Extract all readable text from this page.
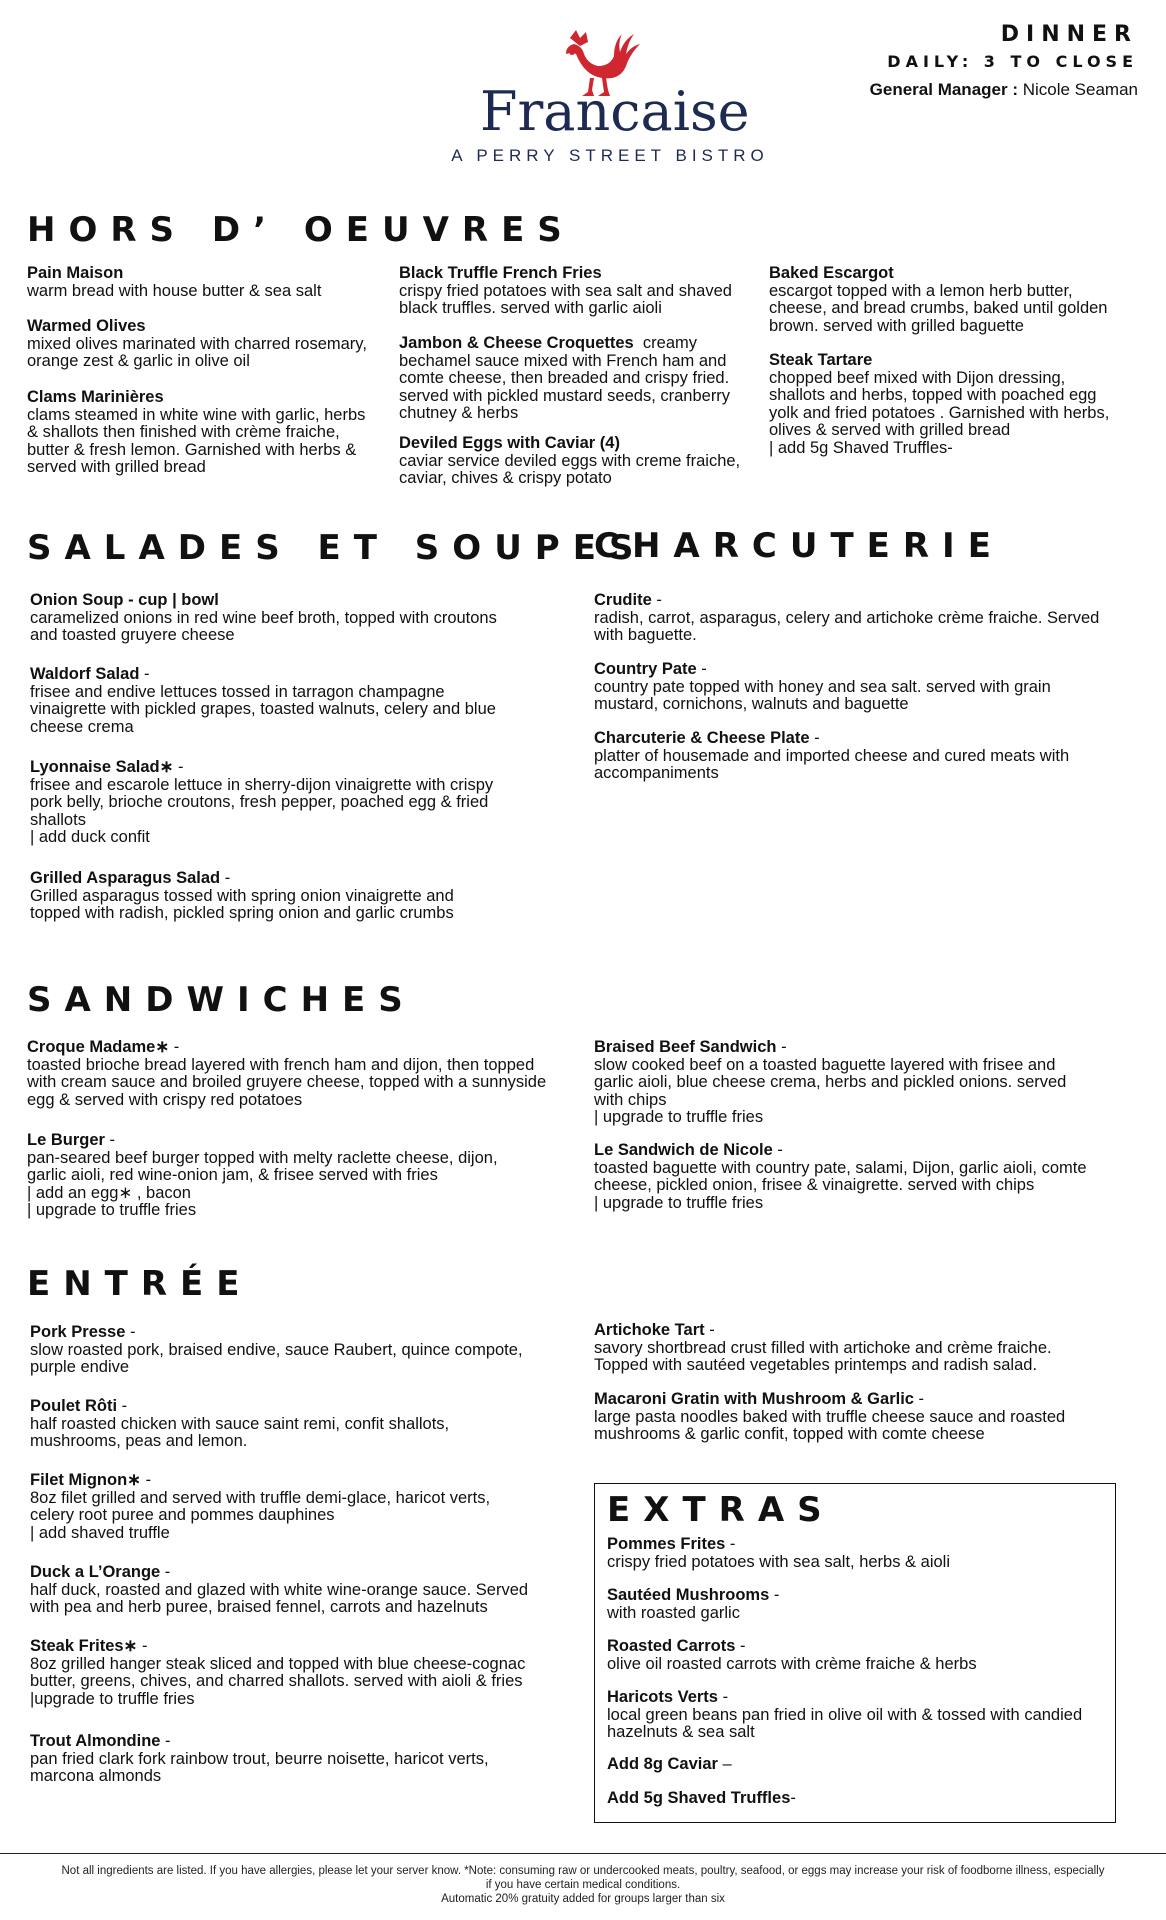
Francaise
A PERRY STREET BISTRO
DINNER
DAILY: 3 TO CLOSE
General Manager : Nicole Seaman
HORS D’ OEUVRES
Pain Maison
warm bread with house butter & sea salt
Warmed Olives
mixed olives marinated with charred rosemary, orange zest & garlic in olive oil
Clams Marinières
clams steamed in white wine with garlic, herbs & shallots then finished with crème fraiche, butter & fresh lemon. Garnished with herbs & served with grilled bread
Black Truffle French Fries
crispy fried potatoes with sea salt and shaved black truffles. served with garlic aioli
Jambon & Cheese Croquettes creamy bechamel sauce mixed with French ham and comte cheese, then breaded and crispy fried. served with pickled mustard seeds, cranberry chutney & herbs
Deviled Eggs with Caviar (4)
caviar service deviled eggs with creme fraiche, caviar, chives & crispy potato
Baked Escargot
escargot topped with a lemon herb butter, cheese, and bread crumbs, baked until golden brown. served with grilled baguette
Steak Tartare
chopped beef mixed with Dijon dressing, shallots and herbs, topped with poached egg yolk and fried potatoes . Garnished with herbs, olives & served with grilled bread
| add 5g Shaved Truffles-
SALADES ET SOUPES
Onion Soup - cup | bowl
caramelized onions in red wine beef broth, topped with croutons and toasted gruyere cheese
Waldorf Salad -
frisee and endive lettuces tossed in tarragon champagne vinaigrette with pickled grapes, toasted walnuts, celery and blue cheese crema
Lyonnaise Salad∗ -
frisee and escarole lettuce in sherry-dijon vinaigrette with crispy pork belly, brioche croutons, fresh pepper, poached egg & fried shallots
| add duck confit
Grilled Asparagus Salad -
Grilled asparagus tossed with spring onion vinaigrette and topped with radish, pickled spring onion and garlic crumbs
CHARCUTERIE
Crudite -
radish, carrot, asparagus, celery and artichoke crème fraiche. Served with baguette.
Country Pate -
country pate topped with honey and sea salt. served with grain mustard, cornichons, walnuts and baguette
Charcuterie & Cheese Plate -
platter of housemade and imported cheese and cured meats with accompaniments
SANDWICHES
Croque Madame∗ -
toasted brioche bread layered with french ham and dijon, then topped with cream sauce and broiled gruyere cheese, topped with a sunnyside egg & served with crispy red potatoes
Le Burger -
pan-seared beef burger topped with melty raclette cheese, dijon, garlic aioli, red wine-onion jam, & frisee served with fries
| add an egg∗ , bacon
| upgrade to truffle fries
Braised Beef Sandwich -
slow cooked beef on a toasted baguette layered with frisee and garlic aioli, blue cheese crema, herbs and pickled onions. served with chips
| upgrade to truffle fries
Le Sandwich de Nicole -
toasted baguette with country pate, salami, Dijon, garlic aioli, comte cheese, pickled onion, frisee & vinaigrette. served with chips
| upgrade to truffle fries
ENTRÉE
Pork Presse -
slow roasted pork, braised endive, sauce Raubert, quince compote, purple endive
Poulet Rôti -
half roasted chicken with sauce saint remi, confit shallots, mushrooms, peas and lemon.
Filet Mignon∗ -
8oz filet grilled and served with truffle demi-glace, haricot verts, celery root puree and pommes dauphines
| add shaved truffle
Duck a L’Orange -
half duck, roasted and glazed with white wine-orange sauce. Served with pea and herb puree, braised fennel, carrots and hazelnuts
Steak Frites∗ -
8oz grilled hanger steak sliced and topped with blue cheese-cognac butter, greens, chives, and charred shallots. served with aioli & fries
|upgrade to truffle fries
Trout Almondine -
pan fried clark fork rainbow trout, beurre noisette, haricot verts, marcona almonds
Artichoke Tart -
savory shortbread crust filled with artichoke and crème fraiche. Topped with sautéed vegetables printemps and radish salad.
Macaroni Gratin with Mushroom & Garlic -
large pasta noodles baked with truffle cheese sauce and roasted mushrooms & garlic confit, topped with comte cheese
EXTRAS
Pommes Frites -
crispy fried potatoes with sea salt, herbs & aioli
Sautéed Mushrooms -
with roasted garlic
Roasted Carrots -
olive oil roasted carrots with crème fraiche & herbs
Haricots Verts -
local green beans pan fried in olive oil with & tossed with candied hazelnuts & sea salt
Add 8g Caviar –
Add 5g Shaved Truffles-
Not all ingredients are listed. If you have allergies, please let your server know. *Note: consuming raw or undercooked meats, poultry, seafood, or eggs may increase your risk of foodborne illness, especially if you have certain medical conditions.
Automatic 20% gratuity added for groups larger than six
